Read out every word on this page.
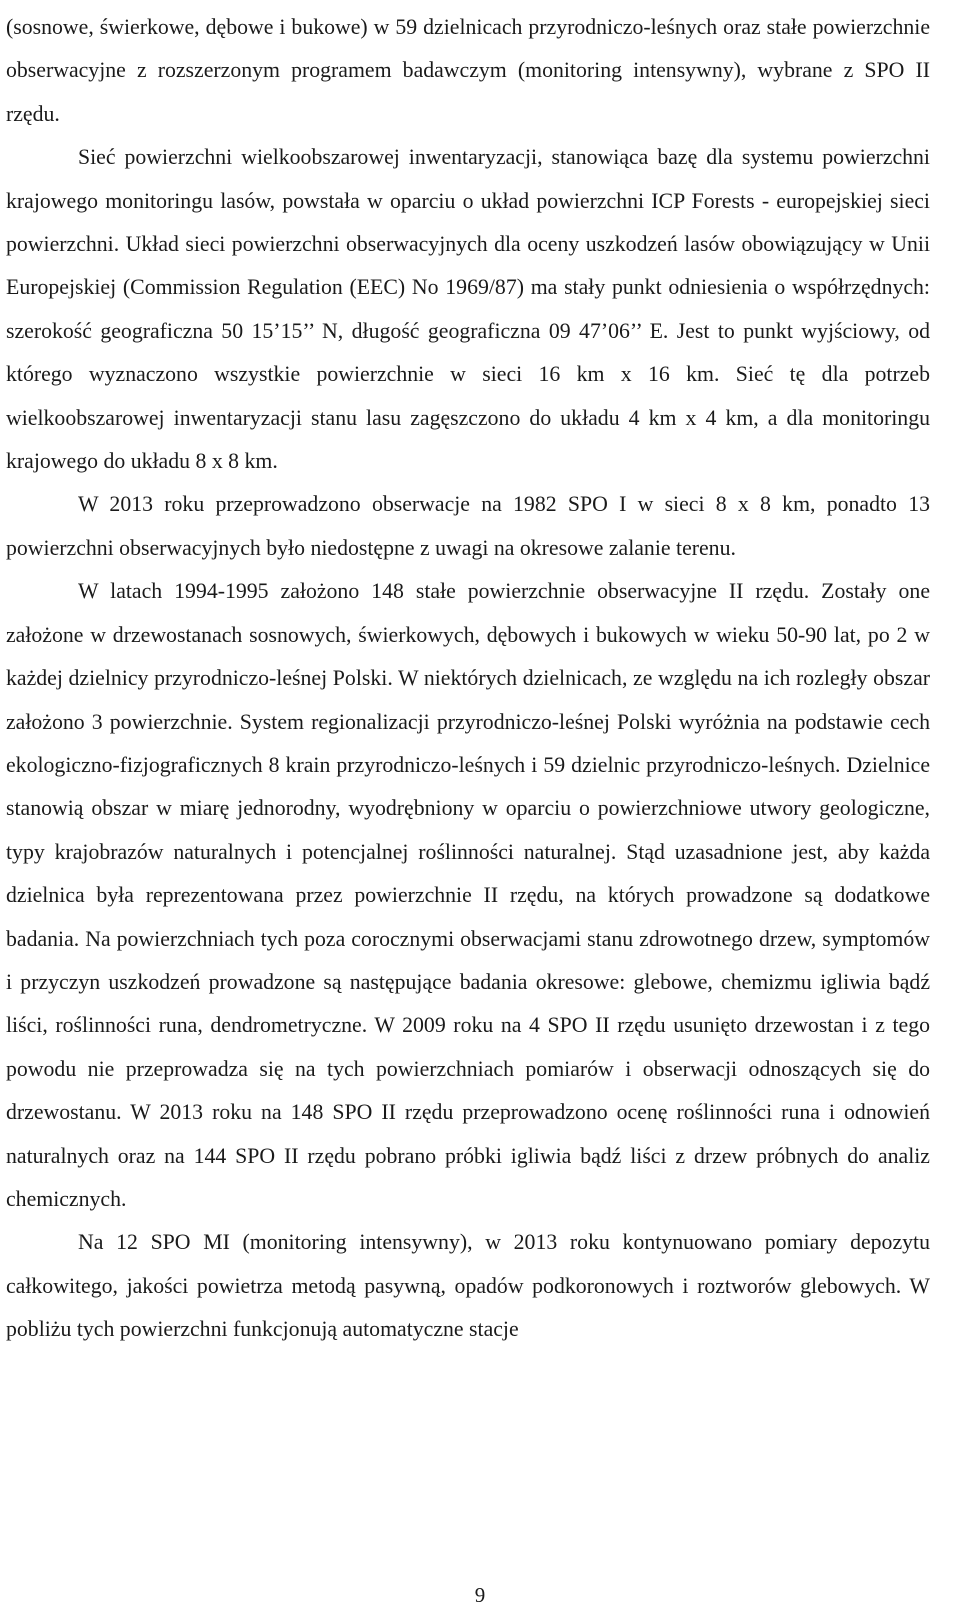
(sosnowe, świerkowe, dębowe i bukowe) w 59 dzielnicach przyrodniczo-leśnych oraz stałe powierzchnie obserwacyjne z rozszerzonym programem badawczym (monitoring intensywny), wybrane z SPO II rzędu.

Sieć powierzchni wielkoobszarowej inwentaryzacji, stanowiąca bazę dla systemu powierzchni krajowego monitoringu lasów, powstała w oparciu o układ powierzchni ICP Forests - europejskiej sieci powierzchni. Układ sieci powierzchni obserwacyjnych dla oceny uszkodzeń lasów obowiązujący w Unii Europejskiej (Commission Regulation (EEC) No 1969/87) ma stały punkt odniesienia o współrzędnych: szerokość geograficzna 50 15’15’’ N, długość geograficzna 09 47’06’’ E. Jest to punkt wyjściowy, od którego wyznaczono wszystkie powierzchnie w sieci 16 km x 16 km. Sieć tę dla potrzeb wielkoobszarowej inwentaryzacji stanu lasu zagęszczono do układu 4 km x 4 km, a dla monitoringu krajowego do układu 8 x 8 km.

W 2013 roku przeprowadzono obserwacje na 1982 SPO I w sieci 8 x 8 km, ponadto 13 powierzchni obserwacyjnych było niedostępne z uwagi na okresowe zalanie terenu.

W latach 1994-1995 założono 148 stałe powierzchnie obserwacyjne II rzędu. Zostały one założone w drzewostanach sosnowych, świerkowych, dębowych i bukowych w wieku 50-90 lat, po 2 w każdej dzielnicy przyrodniczo-leśnej Polski. W niektórych dzielnicach, ze względu na ich rozległy obszar założono 3 powierzchnie. System regionalizacji przyrodniczo-leśnej Polski wyróżnia na podstawie cech ekologiczno-fizjograficznych 8 krain przyrodniczo-leśnych i 59 dzielnic przyrodniczo-leśnych. Dzielnice stanowią obszar w miarę jednorodny, wyodrębniony w oparciu o powierzchniowe utwory geologiczne, typy krajobrazów naturalnych i potencjalnej roślinności naturalnej. Stąd uzasadnione jest, aby każda dzielnica była reprezentowana przez powierzchnie II rzędu, na których prowadzone są dodatkowe badania. Na powierzchniach tych poza corocznymi obserwacjami stanu zdrowotnego drzew, symptomów i przyczyn uszkodzeń prowadzone są następujące badania okresowe: glebowe, chemizmu igliwia bądź liści, roślinności runa, dendrometryczne. W 2009 roku na 4 SPO II rzędu usunięto drzewostan i z tego powodu nie przeprowadza się na tych powierzchniach pomiarów i obserwacji odnoszących się do drzewostanu. W 2013 roku na 148 SPO II rzędu przeprowadzono ocenę roślinności runa i odnowień naturalnych oraz na 144 SPO II rzędu pobrano próbki igliwia bądź liści z drzew próbnych do analiz chemicznych.

Na 12 SPO MI (monitoring intensywny), w 2013 roku kontynuowano pomiary depozytu całkowitego, jakości powietrza metodą pasywną, opadów podkoronowych i roztworów glebowych. W pobliżu tych powierzchni funkcjonują automatyczne stacje

9
